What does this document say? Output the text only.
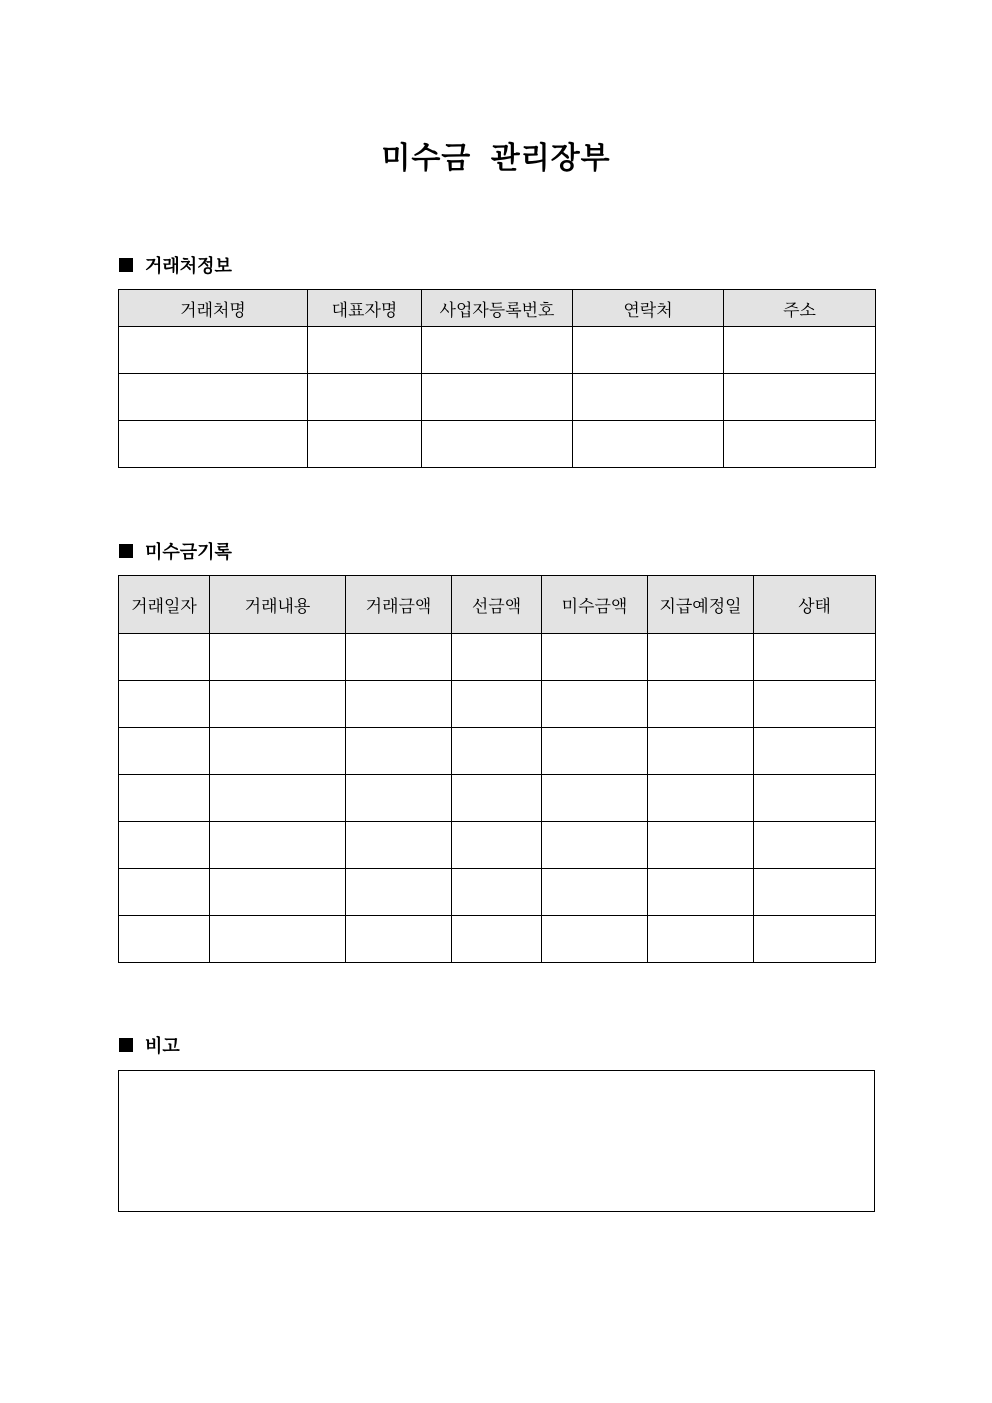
미수금 관리장부
거래처정보
거래처명	대표자명	사업자등록번호	연락처	주소

미수금기록
거래일자	거래내용	거래금액	선금액	미수금액	지급예정일	상태

비고
